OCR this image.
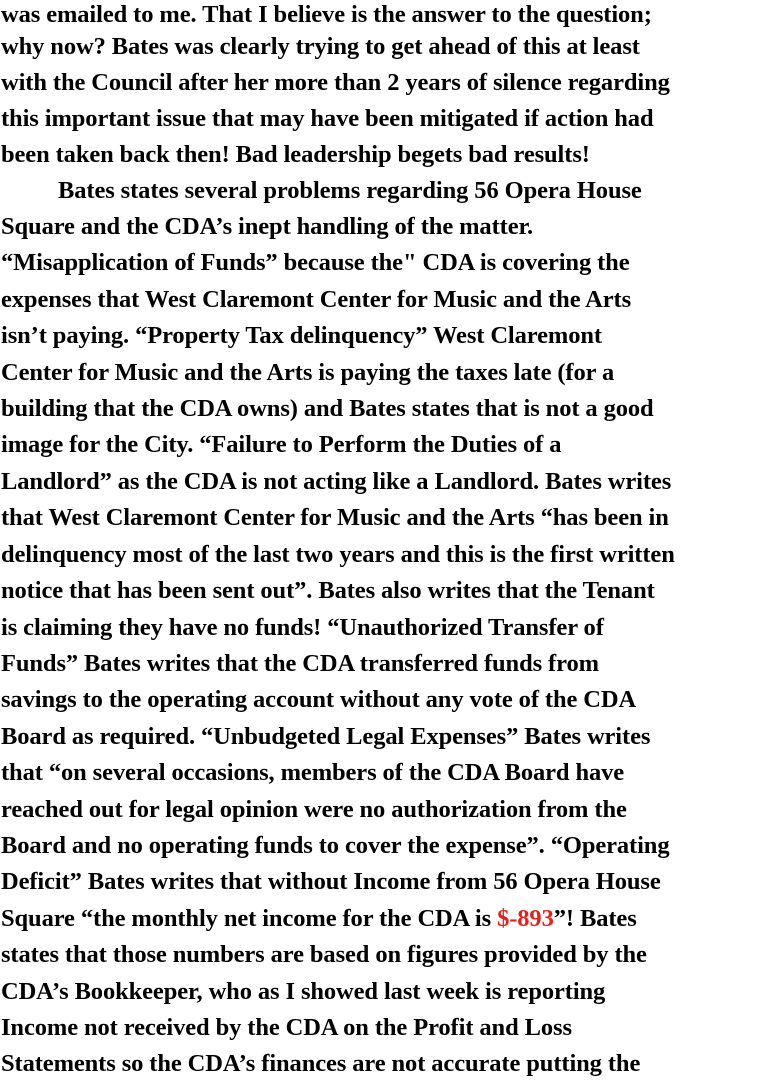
was emailed to me. That I believe is the answer to the question;
why now? Bates was clearly trying to get ahead of this at least
with the Council after her more than 2 years of silence regarding
this important issue that may have been mitigated if action had
been taken back then! Bad leadership begets bad results!
Bates states several problems regarding 56 Opera House
Square and the CDA’s inept handling of the matter.
“Misapplication of Funds” because the" CDA is covering the
expenses that West Claremont Center for Music and the Arts
isn’t paying. “Property Tax delinquency” West Claremont
Center for Music and the Arts is paying the taxes late (for a
building that the CDA owns) and Bates states that is not a good
image for the City. “Failure to Perform the Duties of a
Landlord” as the CDA is not acting like a Landlord. Bates writes
that West Claremont Center for Music and the Arts “has been in
delinquency most of the last two years and this is the first written
notice that has been sent out”. Bates also writes that the Tenant
is claiming they have no funds! “Unauthorized Transfer of
Funds” Bates writes that the CDA transferred funds from
savings to the operating account without any vote of the CDA
Board as required. “Unbudgeted Legal Expenses” Bates writes
that “on several occasions, members of the CDA Board have
reached out for legal opinion were no authorization from the
Board and no operating funds to cover the expense”. “Operating
Deficit” Bates writes that without Income from 56 Opera House
Square “the monthly net income for the CDA is $-893”! Bates
states that those numbers are based on figures provided by the
CDA’s Bookkeeper, who as I showed last week is reporting
Income not received by the CDA on the Profit and Loss
Statements so the CDA’s finances are not accurate putting the
